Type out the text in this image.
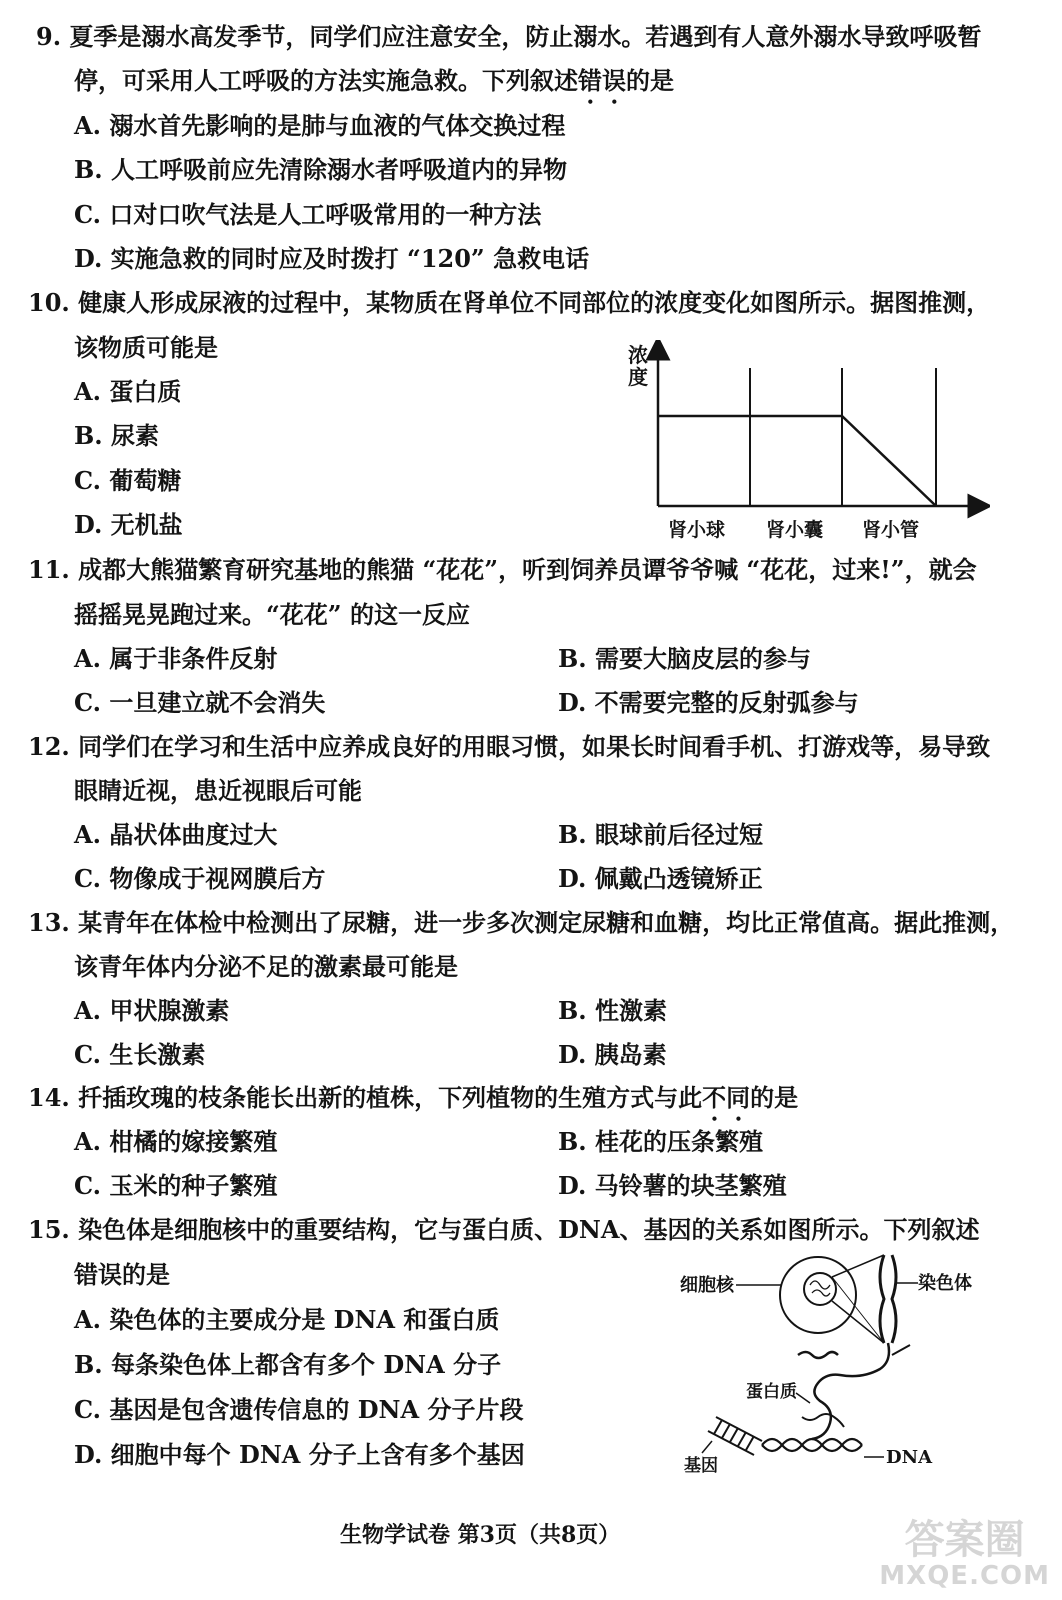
9. 夏季是溺水高发季节，同学们应注意安全，防止溺水。若遇到有人意外溺水导致呼吸暂
停，可采用人工呼吸的方法实施急救。下列叙述错误的是
A. 溺水首先影响的是肺与血液的气体交换过程
B. 人工呼吸前应先清除溺水者呼吸道内的异物
C. 口对口吹气法是人工呼吸常用的一种方法
D. 实施急救的同时应及时拨打 “120” 急救电话
10. 健康人形成尿液的过程中，某物质在肾单位不同部位的浓度变化如图所示。据图推测，
该物质可能是
A. 蛋白质
B. 尿素
C. 葡萄糖
D. 无机盐
浓
度
肾小球 肾小囊 肾小管
11. 成都大熊猫繁育研究基地的熊猫 “花花”，听到饲养员谭爷爷喊 “花花，过来!”，就会
摇摇晃晃跑过来。“花花” 的这一反应
A. 属于非条件反射	B. 需要大脑皮层的参与
C. 一旦建立就不会消失	D. 不需要完整的反射弧参与
12. 同学们在学习和生活中应养成良好的用眼习惯，如果长时间看手机、打游戏等，易导致
眼睛近视，患近视眼后可能
A. 晶状体曲度过大	B. 眼球前后径过短
C. 物像成于视网膜后方	D. 佩戴凸透镜矫正
13. 某青年在体检中检测出了尿糖，进一步多次测定尿糖和血糖，均比正常值高。据此推测，
该青年体内分泌不足的激素最可能是
A. 甲状腺激素	B. 性激素
C. 生长激素	D. 胰岛素
14. 扦插玫瑰的枝条能长出新的植株，下列植物的生殖方式与此不同的是
A. 柑橘的嫁接繁殖	B. 桂花的压条繁殖
C. 玉米的种子繁殖	D. 马铃薯的块茎繁殖
15. 染色体是细胞核中的重要结构，它与蛋白质、DNA、基因的关系如图所示。下列叙述
错误的是
A. 染色体的主要成分是 DNA 和蛋白质
B. 每条染色体上都含有多个 DNA 分子
C. 基因是包含遗传信息的 DNA 分子片段
D. 细胞中每个 DNA 分子上含有多个基因
细胞核	染色体
蛋白质
DNA
基因
生物学试卷 第3页（共8页）	答案圈
MXQE.COM
